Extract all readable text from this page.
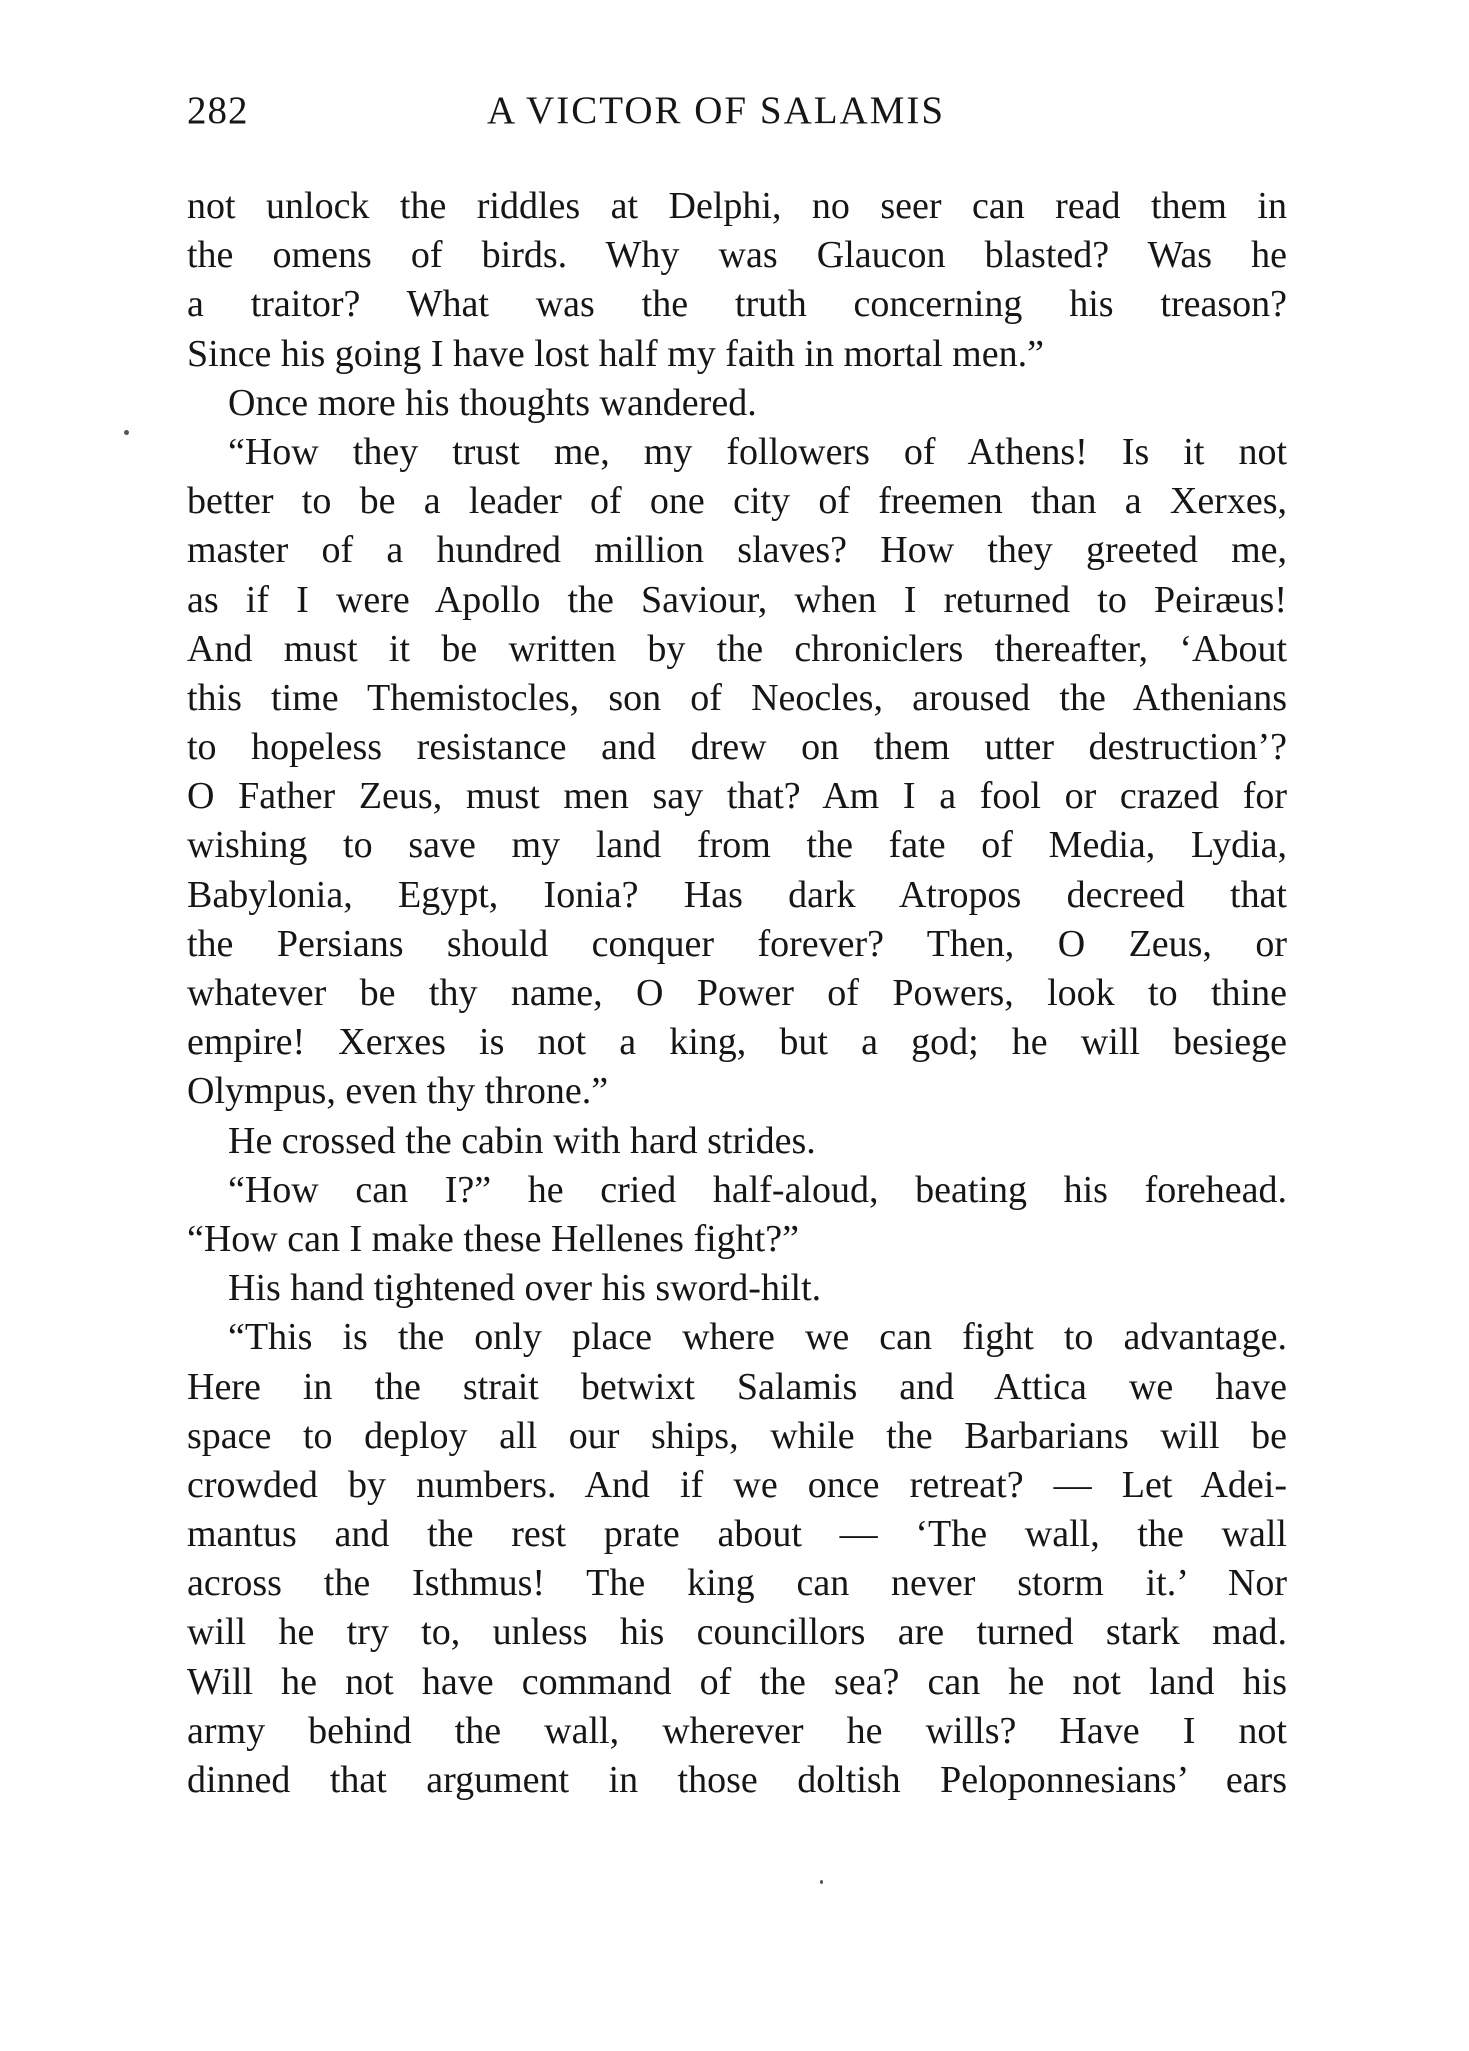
282	A VICTOR OF SALAMIS
not unlock the riddles at Delphi, no seer can read them in
the omens of birds. Why was Glaucon blasted? Was he
a traitor? What was the truth concerning his treason?
Since his going I have lost half my faith in mortal men.”
Once more his thoughts wandered.
“How they trust me, my followers of Athens! Is it not
better to be a leader of one city of freemen than a Xerxes,
master of a hundred million slaves? How they greeted me,
as if I were Apollo the Saviour, when I returned to Peiræus!
And must it be written by the chroniclers thereafter, ‘About
this time Themistocles, son of Neocles, aroused the Athenians
to hopeless resistance and drew on them utter destruction’?
O Father Zeus, must men say that? Am I a fool or crazed for
wishing to save my land from the fate of Media, Lydia,
Babylonia, Egypt, Ionia? Has dark Atropos decreed that
the Persians should conquer forever? Then, O Zeus, or
whatever be thy name, O Power of Powers, look to thine
empire! Xerxes is not a king, but a god; he will besiege
Olympus, even thy throne.”
He crossed the cabin with hard strides.
“How can I?” he cried half-aloud, beating his forehead.
“How can I make these Hellenes fight?”
His hand tightened over his sword-hilt.
“This is the only place where we can fight to advantage.
Here in the strait betwixt Salamis and Attica we have
space to deploy all our ships, while the Barbarians will be
crowded by numbers. And if we once retreat? — Let Adei-
mantus and the rest prate about — ‘The wall, the wall
across the Isthmus! The king can never storm it.’ Nor
will he try to, unless his councillors are turned stark mad.
Will he not have command of the sea? can he not land his
army behind the wall, wherever he wills? Have I not
dinned that argument in those doltish Peloponnesians’ ears
